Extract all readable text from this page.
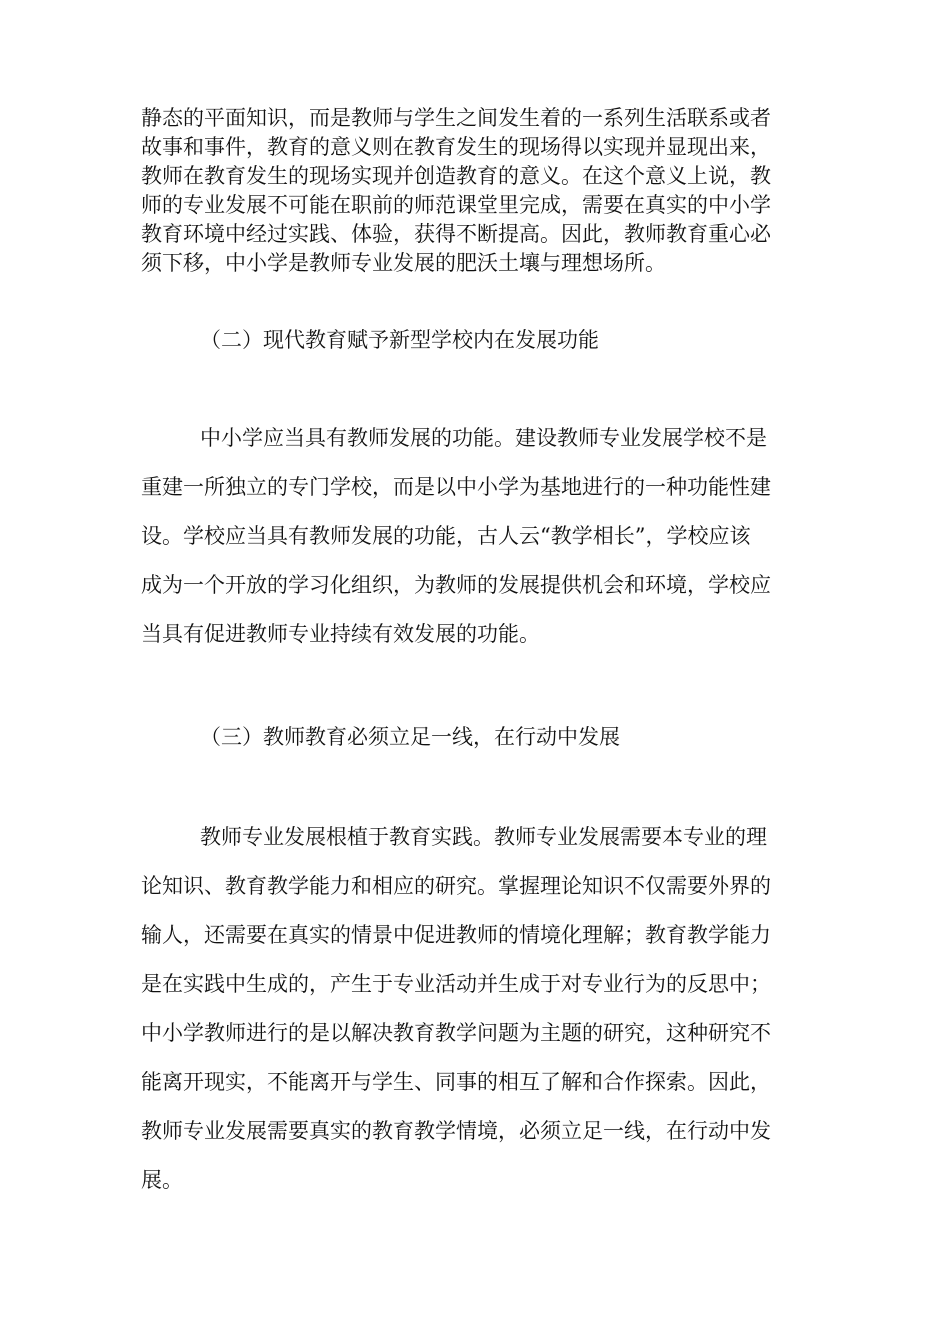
静态的平面知识，而是教师与学生之间发生着的一系列生活联系或者
故事和事件，教育的意义则在教育发生的现场得以实现并显现出来，
教师在教育发生的现场实现并创造教育的意义。在这个意义上说，教
师的专业发展不可能在职前的师范课堂里完成，需要在真实的中小学
教育环境中经过实践、体验，获得不断提高。因此，教师教育重心必
须下移，中小学是教师专业发展的肥沃土壤与理想场所。
（二）现代教育赋予新型学校内在发展功能
中小学应当具有教师发展的功能。建设教师专业发展学校不是
重建一所独立的专门学校，而是以中小学为基地进行的一种功能性建
设。学校应当具有教师发展的功能，古人云“教学相长”，学校应该
成为一个开放的学习化组织，为教师的发展提供机会和环境，学校应
当具有促进教师专业持续有效发展的功能。
（三）教师教育必须立足一线，在行动中发展
教师专业发展根植于教育实践。教师专业发展需要本专业的理
论知识、教育教学能力和相应的研究。掌握理论知识不仅需要外界的
输人，还需要在真实的情景中促进教师的情境化理解；教育教学能力
是在实践中生成的，产生于专业活动并生成于对专业行为的反思中；
中小学教师进行的是以解决教育教学问题为主题的研究，这种研究不
能离开现实，不能离开与学生、同事的相互了解和合作探索。因此，
教师专业发展需要真实的教育教学情境，必须立足一线，在行动中发
展。
